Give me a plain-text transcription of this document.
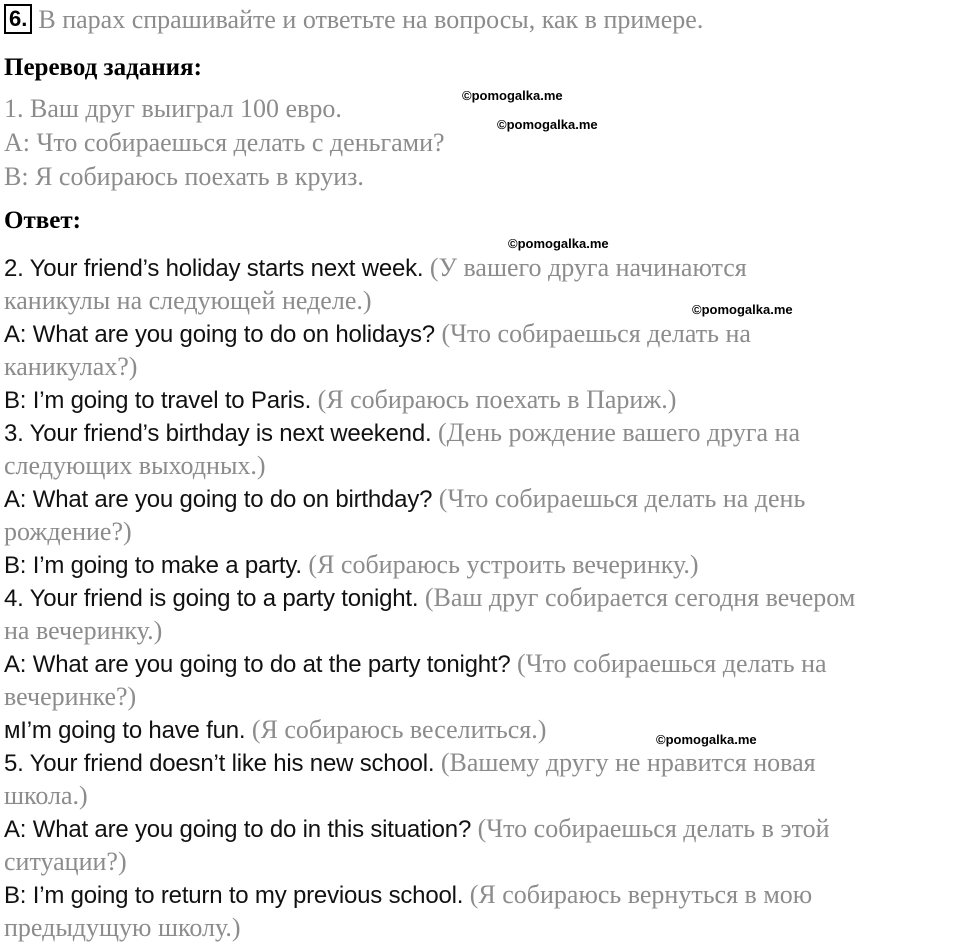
6. В парах спрашивайте и ответьте на вопросы, как в примере.
Перевод задания:
1. Ваш друг выиграл 100 евро.
A: Что собираешься делать с деньгами?
B: Я собираюсь поехать в круиз.
Ответ:
2. Your friend’s holiday starts next week. (У вашего друга начинаются
каникулы на следующей неделе.)
A: What are you going to do on holidays? (Что собираешься делать на
каникулах?)
B: I’m going to travel to Paris. (Я собираюсь поехать в Париж.)
3. Your friend’s birthday is next weekend. (День рождение вашего друга на
следующих выходных.)
A: What are you going to do on birthday? (Что собираешься делать на день
рождение?)
B: I’m going to make a party. (Я собираюсь устроить вечеринку.)
4. Your friend is going to a party tonight. (Ваш друг собирается сегодня вечером
на вечеринку.)
A: What are you going to do at the party tonight? (Что собираешься делать на
вечеринке?)
мI’m going to have fun. (Я собираюсь веселиться.)
5. Your friend doesn’t like his new school. (Вашему другу не нравится новая
школа.)
A: What are you going to do in this situation? (Что собираешься делать в этой
ситуации?)
B: I’m going to return to my previous school. (Я собираюсь вернуться в мою
предыдущую школу.)
©pomogalka.me
©pomogalka.me
©pomogalka.me
©pomogalka.me
©pomogalka.me
